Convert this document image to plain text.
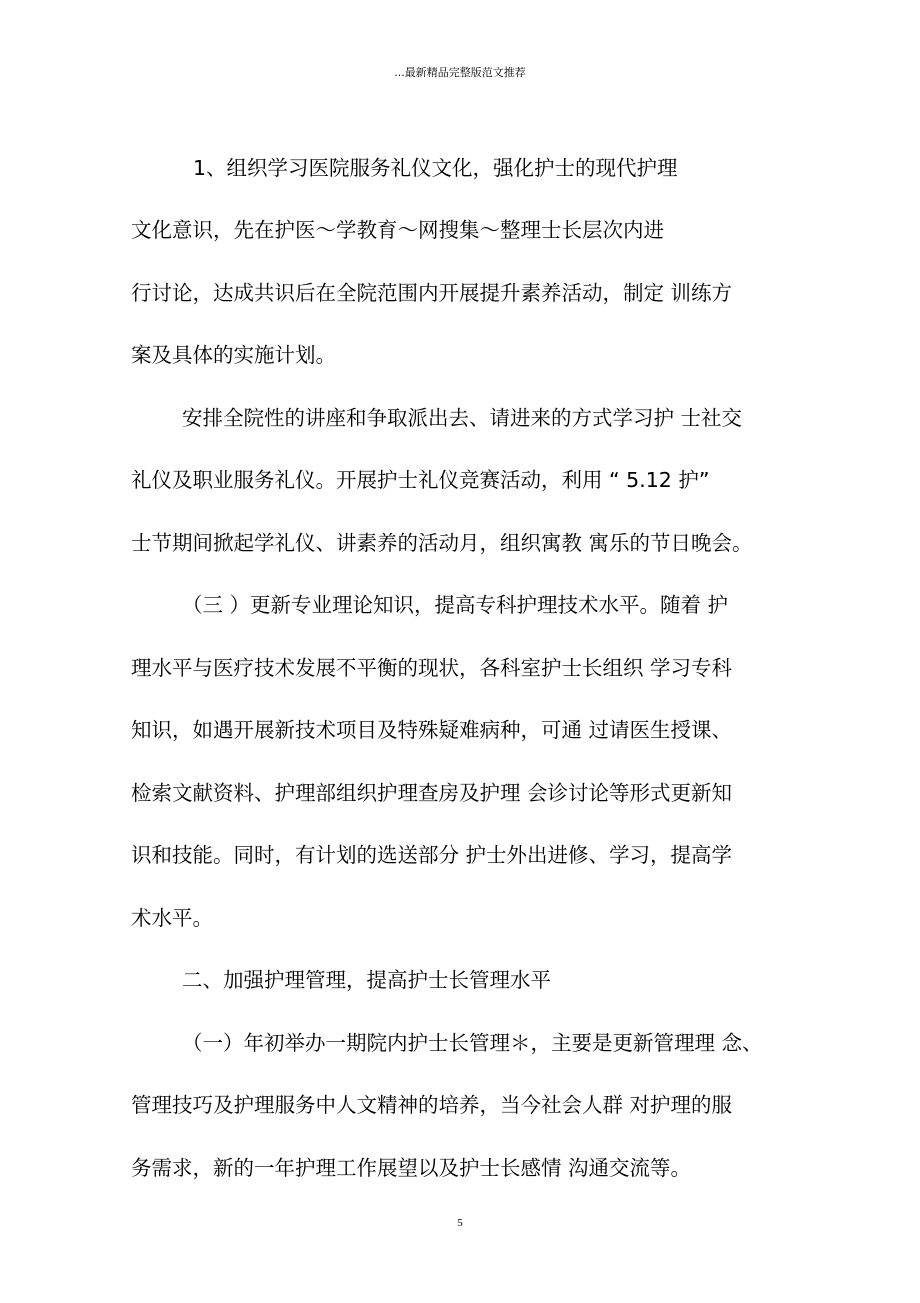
...最新精品完整版范文推荐
1、组织学习医院服务礼仪文化，强化护士的现代护理
文化意识，先在护医～学教育～网搜集～整理士长层次内进
行讨论，达成共识后在全院范围内开展提升素养活动，制定 训练方
案及具体的实施计划。
安排全院性的讲座和争取派出去、请进来的方式学习护 士社交
礼仪及职业服务礼仪。开展护士礼仪竞赛活动，利用 “ 5.12 护”
士节期间掀起学礼仪、讲素养的活动月，组织寓教 寓乐的节日晚会。
（三 ）更新专业理论知识，提高专科护理技术水平。随着 护
理水平与医疗技术发展不平衡的现状，各科室护士长组织 学习专科
知识，如遇开展新技术项目及特殊疑难病种，可通 过请医生授课、
检索文献资料、护理部组织护理查房及护理 会诊讨论等形式更新知
识和技能。同时，有计划的选送部分 护士外出进修、学习，提高学
术水平。
二、加强护理管理，提高护士长管理水平
（一）年初举办一期院内护士长管理＊，主要是更新管理理 念、
管理技巧及护理服务中人文精神的培养，当今社会人群 对护理的服
务需求，新的一年护理工作展望以及护士长感情 沟通交流等。
5
